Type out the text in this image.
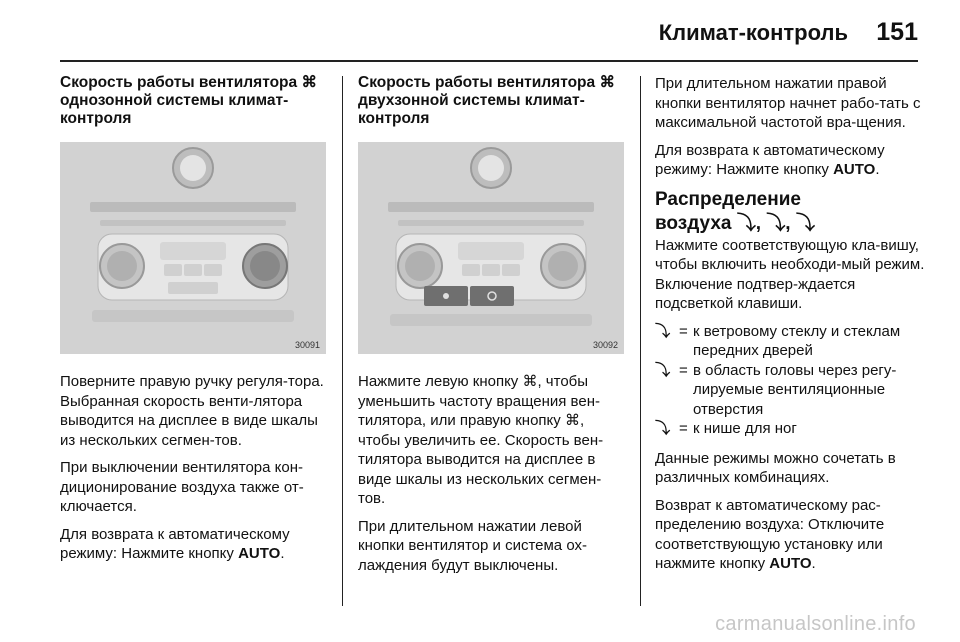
Климат-контроль 151
Скорость работы вентилятора ⌘ однозонной системы климат-контроля
30091

Поверните правую ручку регуля-тора. Выбранная скорость венти-лятора выводится на дисплее в виде шкалы из нескольких сегмен-тов.

При выключении вентилятора кон-диционирование воздуха также от-ключается.

Для возврата к автоматическому режиму: Нажмите кнопку AUTO.

Скорость работы вентилятора ⌘ двухзонной системы климат-контроля
30092

Нажмите левую кнопку ⌘, чтобы уменьшить частоту вращения вен-тилятора, или правую кнопку ⌘, чтобы увеличить ее. Скорость вен-тилятора выводится на дисплее в виде шкалы из нескольких сегмен-тов.

При длительном нажатии левой кнопки вентилятор и система ох-лаждения будут выключены.

При длительном нажатии правой кнопки вентилятор начнет рабо-тать с максимальной частотой вра-щения.

Для возврата к автоматическому режиму: Нажмите кнопку AUTO.

Распределение
воздуха ⤵, ⤵, ⤵

Нажмите соответствующую кла-вишу, чтобы включить необходи-мый режим. Включение подтвер-ждается подсветкой клавиши.

⤵ = к ветровому стеклу и стеклам передних дверей
⤵ = в область головы через регу-лируемые вентиляционные отверстия
⤵ = к нише для ног

Данные режимы можно сочетать в различных комбинациях.

Возврат к автоматическому рас-пределению воздуха: Отключите соответствующую установку или нажмите кнопку AUTO.

carmanualsonline.info
